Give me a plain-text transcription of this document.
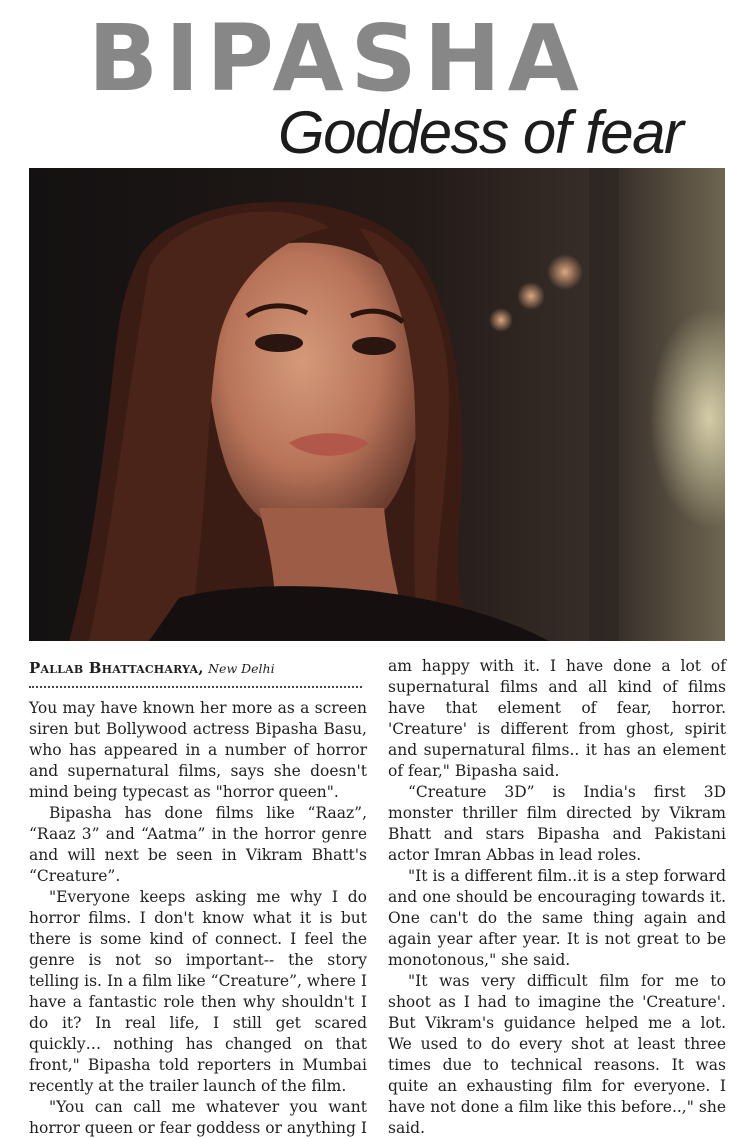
BIPASHA
Goddess of fear

Pallab Bhattacharya, New Delhi

You may have known her more as a screen siren but Bollywood actress Bipasha Basu, who has appeared in a number of horror and supernatural films, says she doesn't mind being typecast as "horror queen".

Bipasha has done films like “Raaz”, “Raaz 3” and “Aatma” in the horror genre and will next be seen in Vikram Bhatt's “Creature”.

"Everyone keeps asking me why I do horror films. I don't know what it is but there is some kind of connect. I feel the genre is not so important-- the story telling is. In a film like “Creature”, where I have a fantastic role then why shouldn't I do it? In real life, I still get scared quickly… nothing has changed on that front," Bipasha told reporters in Mumbai recently at the trailer launch of the film.

"You can call me whatever you want horror queen or fear goddess or anything I

am happy with it. I have done a lot of supernatural films and all kind of films have that element of fear, horror. 'Creature' is different from ghost, spirit and supernatural films.. it has an element of fear," Bipasha said.

“Creature 3D” is India's first 3D monster thriller film directed by Vikram Bhatt and stars Bipasha and Pakistani actor Imran Abbas in lead roles.

"It is a different film..it is a step forward and one should be encouraging towards it. One can't do the same thing again and again year after year. It is not great to be monotonous," she said.

"It was very difficult film for me to shoot as I had to imagine the 'Creature'. But Vikram's guidance helped me a lot. We used to do every shot at least three times due to technical reasons. It was quite an exhausting film for everyone. I have not done a film like this before..," she said.
